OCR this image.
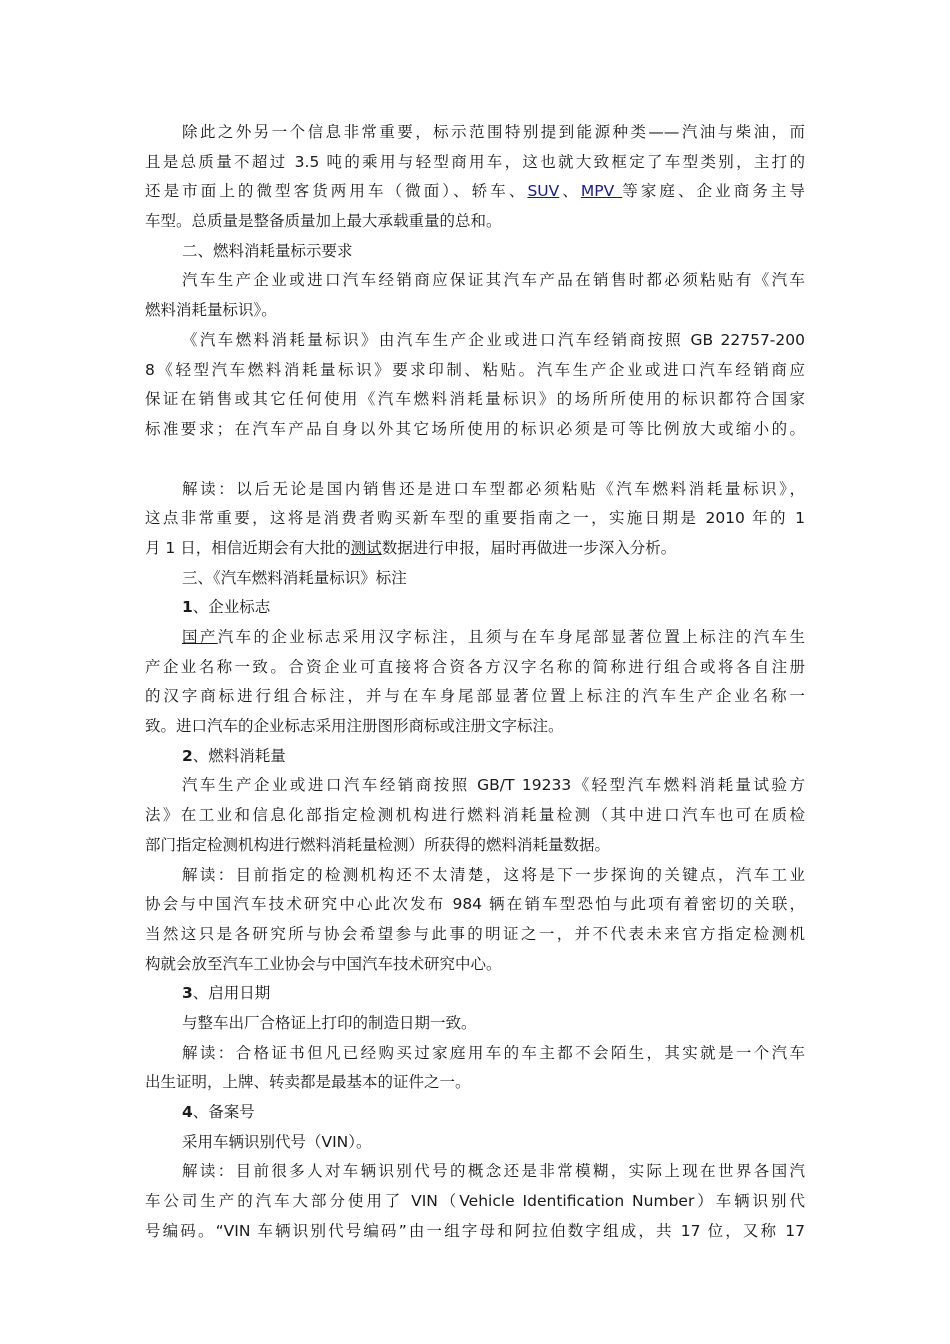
除此之外另一个信息非常重要，标示范围特别提到能源种类——汽油与柴油，而
且是总质量不超过 3.5 吨的乘用与轻型商用车，这也就大致框定了车型类别，主打的
还是市面上的微型客货两用车（微面）、轿车、SUV、MPV 等家庭、企业商务主导
车型。总质量是整备质量加上最大承载重量的总和。
二、燃料消耗量标示要求
汽车生产企业或进口汽车经销商应保证其汽车产品在销售时都必须粘贴有《汽车
燃料消耗量标识》。
《汽车燃料消耗量标识》由汽车生产企业或进口汽车经销商按照 GB 22757-200
8《轻型汽车燃料消耗量标识》要求印制、粘贴。汽车生产企业或进口汽车经销商应
保证在销售或其它任何使用《汽车燃料消耗量标识》的场所所使用的标识都符合国家
标准要求；在汽车产品自身以外其它场所使用的标识必须是可等比例放大或缩小的。
解读：以后无论是国内销售还是进口车型都必须粘贴《汽车燃料消耗量标识》，
这点非常重要，这将是消费者购买新车型的重要指南之一，实施日期是 2010 年的 1
月 1 日，相信近期会有大批的测试数据进行申报，届时再做进一步深入分析。
三、《汽车燃料消耗量标识》标注
1、企业标志
国产汽车的企业标志采用汉字标注，且须与在车身尾部显著位置上标注的汽车生
产企业名称一致。合资企业可直接将合资各方汉字名称的简称进行组合或将各自注册
的汉字商标进行组合标注，并与在车身尾部显著位置上标注的汽车生产企业名称一
致。进口汽车的企业标志采用注册图形商标或注册文字标注。
2、燃料消耗量
汽车生产企业或进口汽车经销商按照 GB/T 19233《轻型汽车燃料消耗量试验方
法》在工业和信息化部指定检测机构进行燃料消耗量检测（其中进口汽车也可在质检
部门指定检测机构进行燃料消耗量检测）所获得的燃料消耗量数据。
解读：目前指定的检测机构还不太清楚，这将是下一步探询的关键点，汽车工业
协会与中国汽车技术研究中心此次发布 984 辆在销车型恐怕与此项有着密切的关联，
当然这只是各研究所与协会希望参与此事的明证之一，并不代表未来官方指定检测机
构就会放至汽车工业协会与中国汽车技术研究中心。
3、启用日期
与整车出厂合格证上打印的制造日期一致。
解读：合格证书但凡已经购买过家庭用车的车主都不会陌生，其实就是一个汽车
出生证明，上牌、转卖都是最基本的证件之一。
4、备案号
采用车辆识别代号（VIN）。
解读：目前很多人对车辆识别代号的概念还是非常模糊，实际上现在世界各国汽
车公司生产的汽车大部分使用了 VIN（Vehicle Identification Number）车辆识别代
号编码。“VIN 车辆识别代号编码”由一组字母和阿拉伯数字组成，共 17 位，又称 17
